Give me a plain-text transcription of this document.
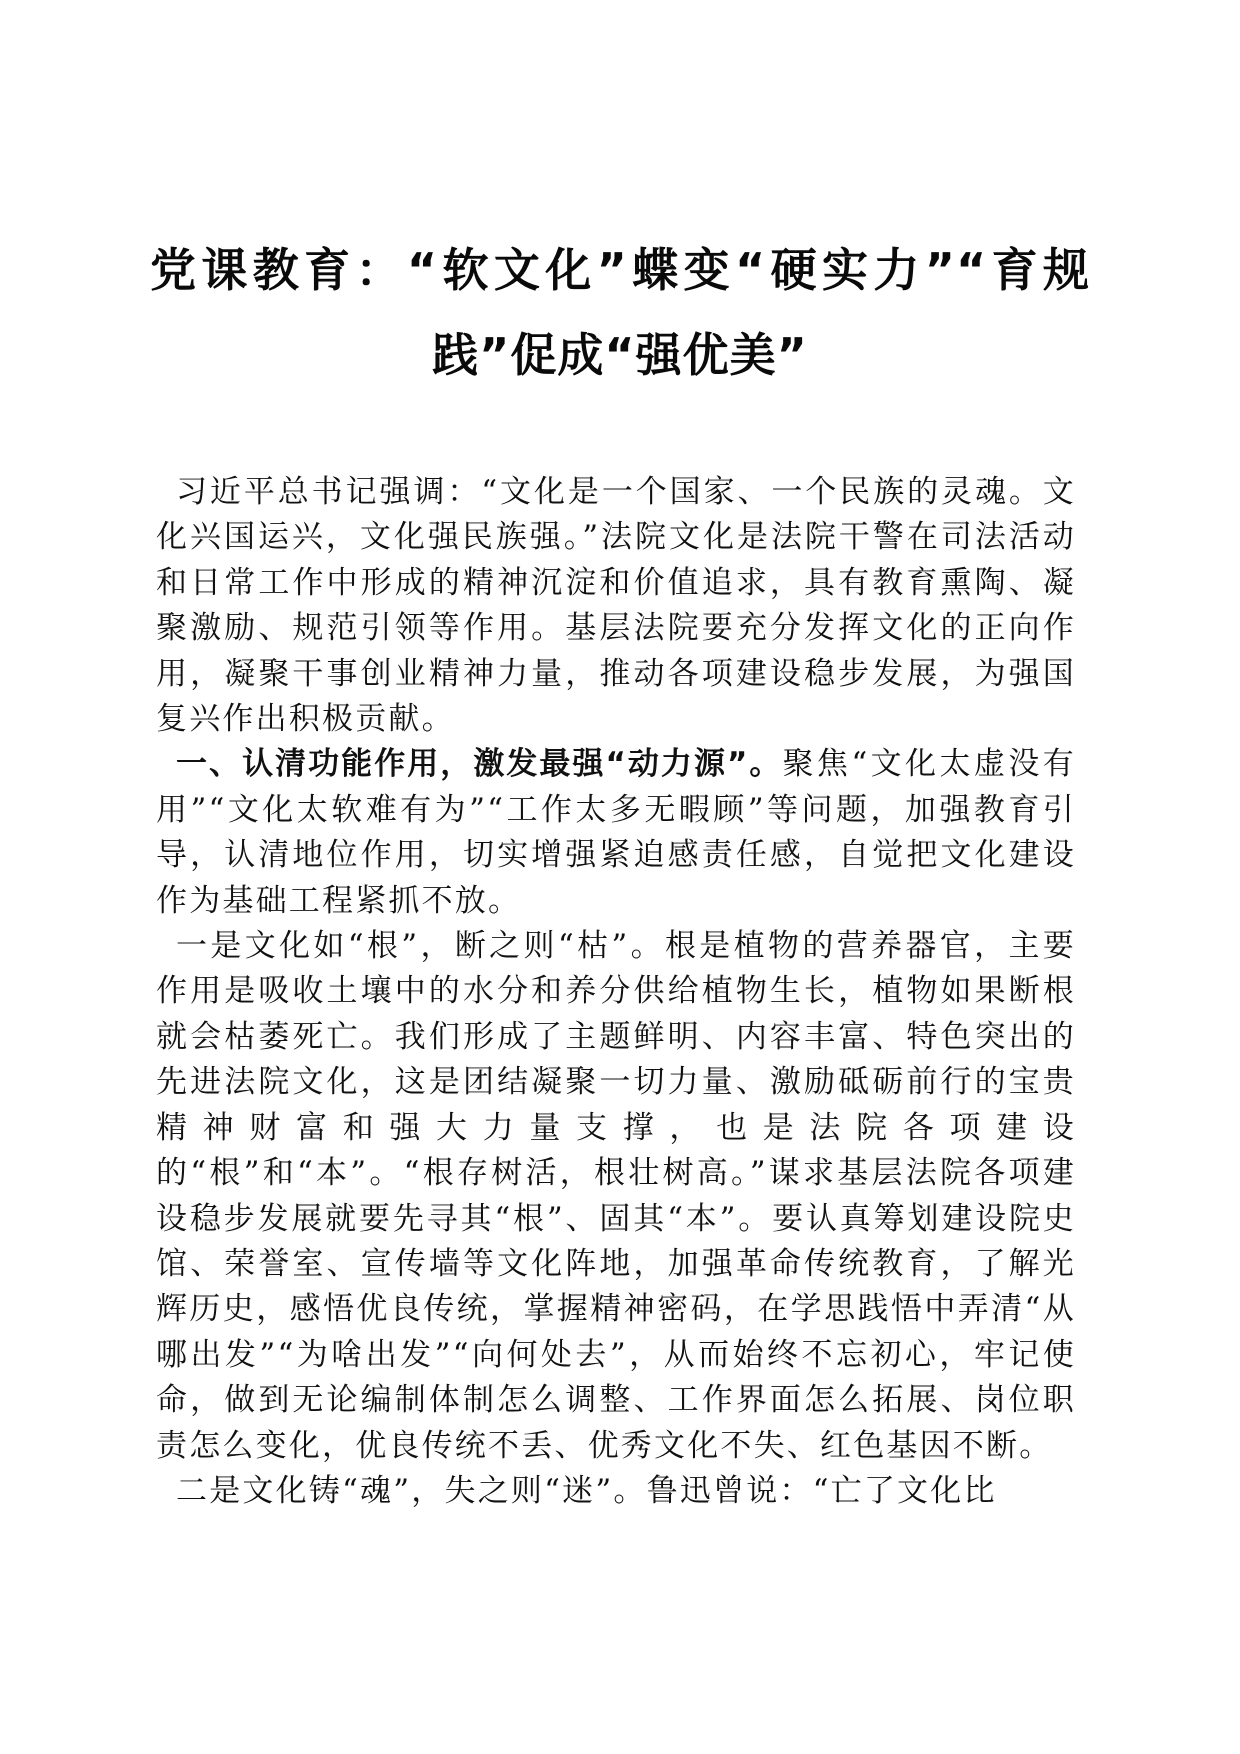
党课教育：“软文化”蝶变“硬实力”“育规
践”促成“强优美”

习近平总书记强调：“文化是一个国家、一个民族的灵魂。文化兴国运兴，文化强民族强。”法院文化是法院干警在司法活动和日常工作中形成的精神沉淀和价值追求，具有教育熏陶、凝聚激励、规范引领等作用。基层法院要充分发挥文化的正向作用，凝聚干事创业精神力量，推动各项建设稳步发展，为强国复兴作出积极贡献。

一、认清功能作用，激发最强“动力源”。聚焦“文化太虚没有用”“文化太软难有为”“工作太多无暇顾”等问题，加强教育引导，认清地位作用，切实增强紧迫感责任感，自觉把文化建设作为基础工程紧抓不放。

一是文化如“根”，断之则“枯”。根是植物的营养器官，主要作用是吸收土壤中的水分和养分供给植物生长，植物如果断根就会枯萎死亡。我们形成了主题鲜明、内容丰富、特色突出的先进法院文化，这是团结凝聚一切力量、激励砥砺前行的宝贵精神财富和强大力量支撑，也是法院各项建设的“根”和“本”。“根存树活，根壮树高。”谋求基层法院各项建设稳步发展就要先寻其“根”、固其“本”。要认真筹划建设院史馆、荣誉室、宣传墙等文化阵地，加强革命传统教育，了解光辉历史，感悟优良传统，掌握精神密码，在学思践悟中弄清“从哪出发”“为啥出发”“向何处去”，从而始终不忘初心，牢记使命，做到无论编制体制怎么调整、工作界面怎么拓展、岗位职责怎么变化，优良传统不丢、优秀文化不失、红色基因不断。

二是文化铸“魂”，失之则“迷”。鲁迅曾说：“亡了文化比
